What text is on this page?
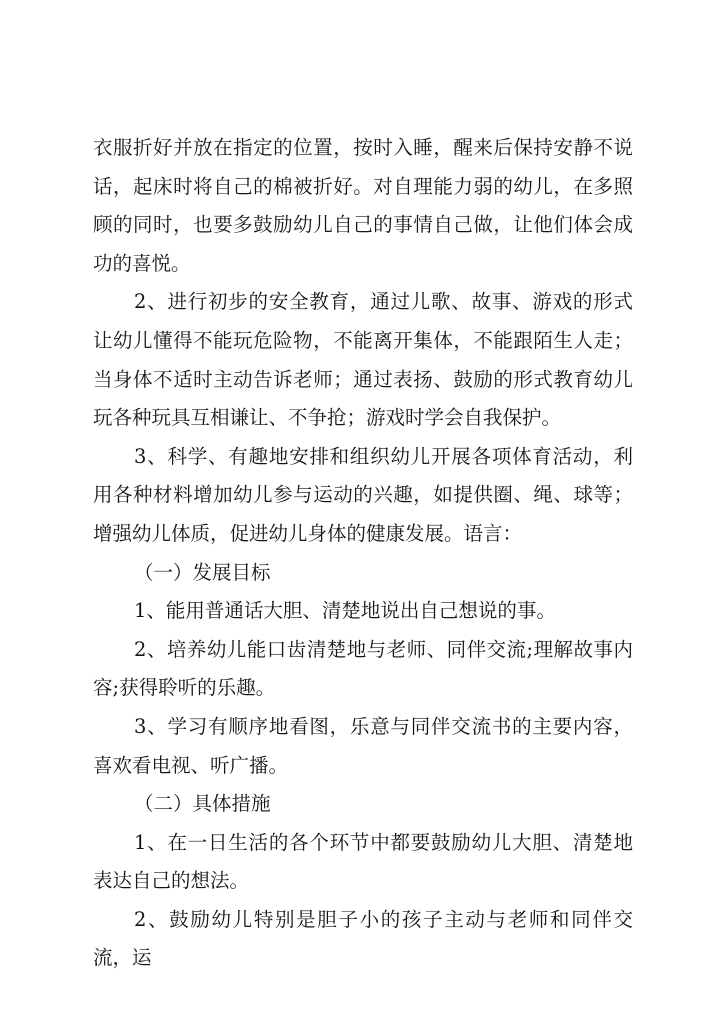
衣服折好并放在指定的位置，按时入睡，醒来后保持安静不说话，起床时将自己的棉被折好。对自理能力弱的幼儿，在多照顾的同时，也要多鼓励幼儿自己的事情自己做，让他们体会成功的喜悦。

2、进行初步的安全教育，通过儿歌、故事、游戏的形式让幼儿懂得不能玩危险物，不能离开集体，不能跟陌生人走；当身体不适时主动告诉老师；通过表扬、鼓励的形式教育幼儿玩各种玩具互相谦让、不争抢；游戏时学会自我保护。

3、科学、有趣地安排和组织幼儿开展各项体育活动，利用各种材料增加幼儿参与运动的兴趣，如提供圈、绳、球等；增强幼儿体质，促进幼儿身体的健康发展。语言：

（一）发展目标

1、能用普通话大胆、清楚地说出自己想说的事。

2、培养幼儿能口齿清楚地与老师、同伴交流;理解故事内容;获得聆听的乐趣。

3、学习有顺序地看图，乐意与同伴交流书的主要内容，喜欢看电视、听广播。

（二）具体措施

1、在一日生活的各个环节中都要鼓励幼儿大胆、清楚地表达自己的想法。

2、鼓励幼儿特别是胆子小的孩子主动与老师和同伴交流，运
